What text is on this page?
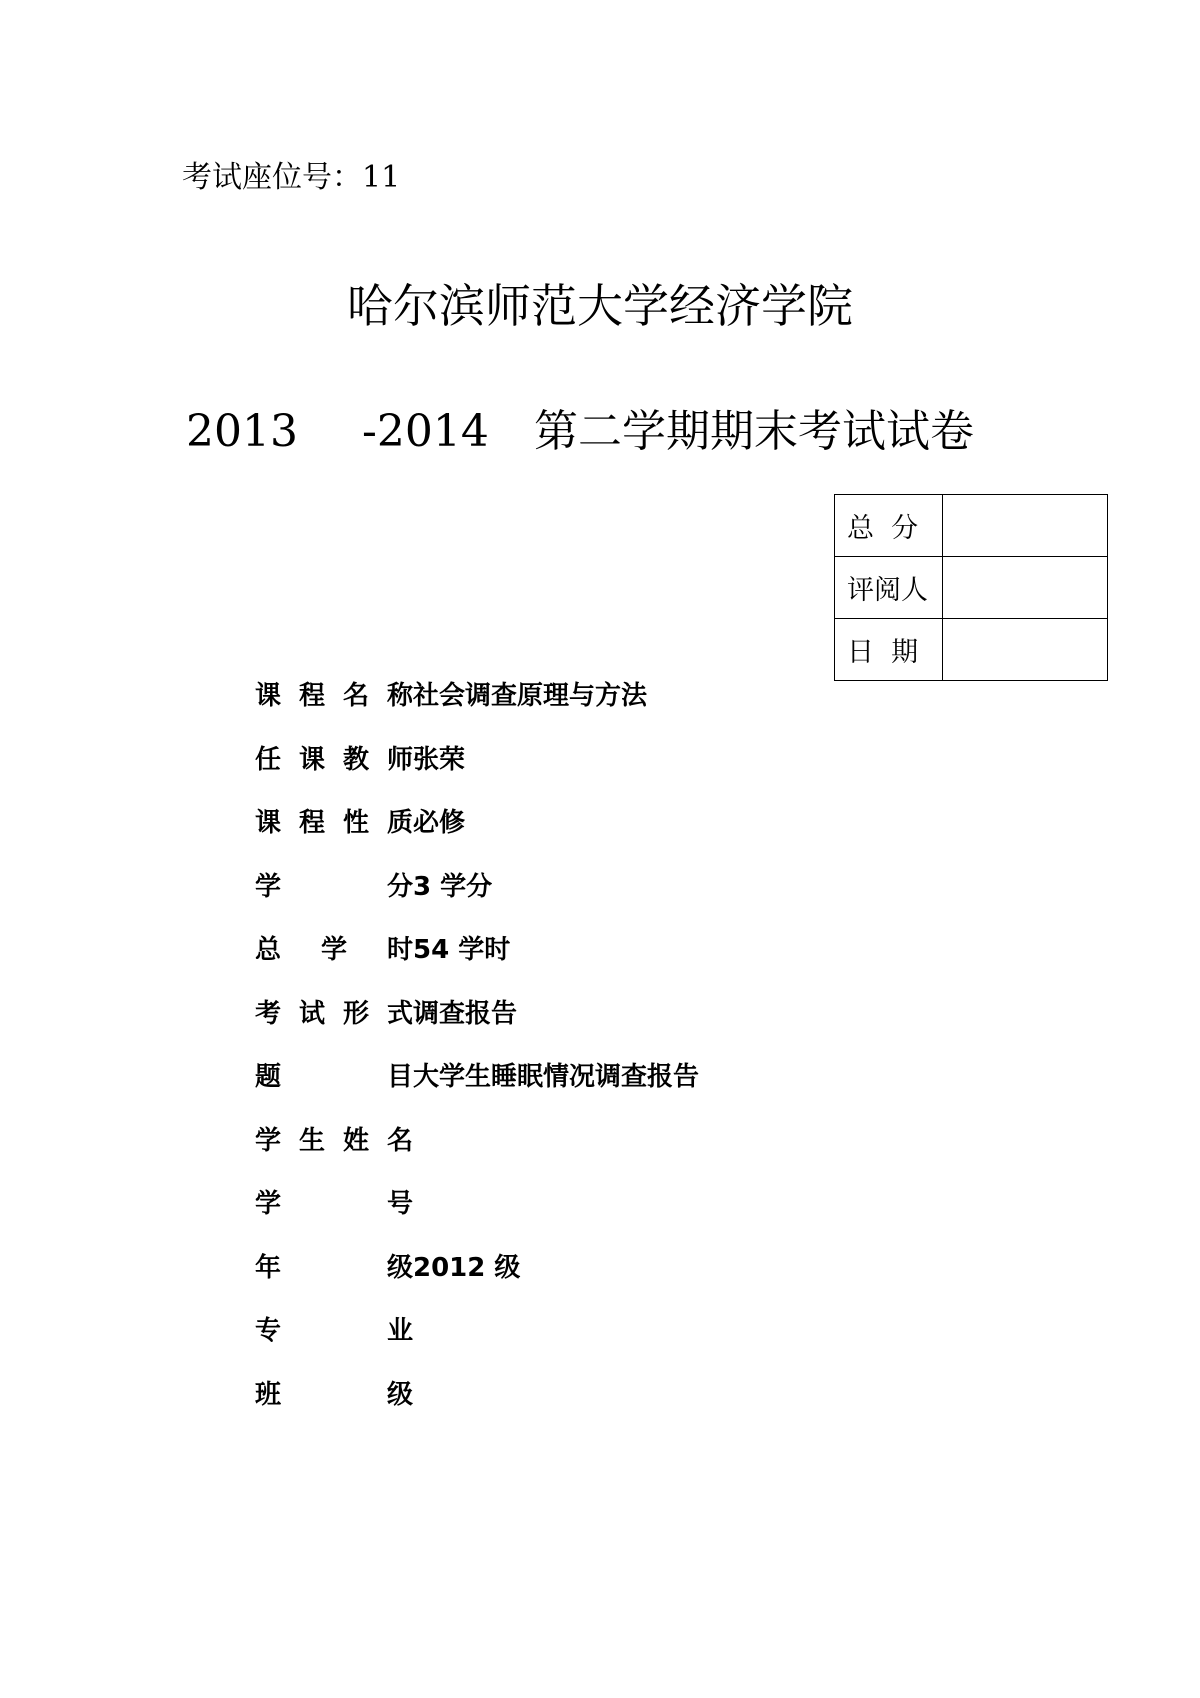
考试座位号：11
哈尔滨师范大学经济学院
2013 -2014 第二学期期末考试试卷
总  分	
评阅人	
日  期	
课程名称 社会调查原理与方法
任课教师 张荣
课程性质 必修
学 分 3 学分
总 学 时 54 学时
考试形式 调查报告
题 目 大学生睡眠情况调查报告
学生姓名
学 号
年 级 2012 级
专 业
班 级
